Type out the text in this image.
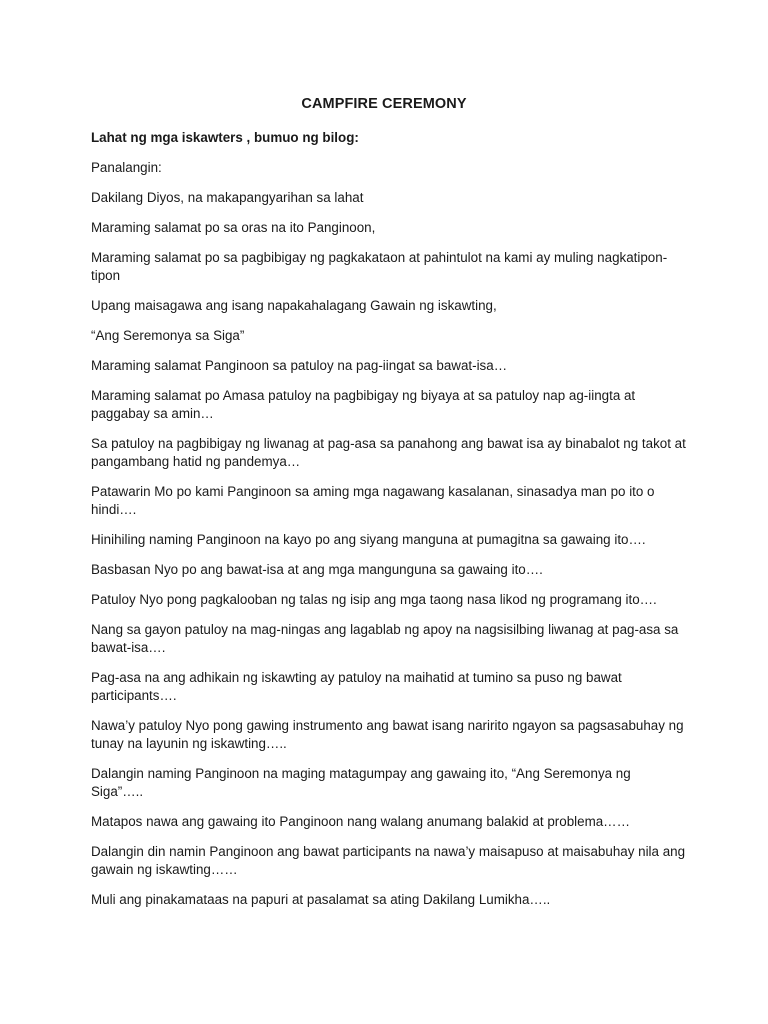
CAMPFIRE CEREMONY

Lahat ng mga iskawters , bumuo ng bilog:

Panalangin:

Dakilang Diyos, na makapangyarihan sa lahat

Maraming salamat po sa oras na ito Panginoon,

Maraming salamat po sa pagbibigay ng pagkakataon at pahintulot na kami ay muling nagkatipon-tipon

Upang maisagawa ang isang napakahalagang Gawain ng iskawting,

“Ang Seremonya sa Siga”

Maraming salamat Panginoon sa patuloy na pag-iingat sa bawat-isa…

Maraming salamat po Amasa patuloy na pagbibigay ng biyaya at sa patuloy nap ag-iingta at paggabay sa amin…

Sa patuloy na pagbibigay ng liwanag at pag-asa sa panahong ang bawat isa ay binabalot ng takot at pangambang hatid ng pandemya…

Patawarin Mo po kami Panginoon sa aming mga nagawang kasalanan, sinasadya man po ito o hindi….

Hinihiling naming Panginoon na kayo po ang siyang manguna at pumagitna sa gawaing ito….

Basbasan Nyo po ang bawat-isa at ang mga mangunguna sa gawaing ito….

Patuloy Nyo pong pagkalooban ng talas ng isip ang mga taong nasa likod ng programang ito….

Nang sa gayon patuloy na mag-ningas ang lagablab ng apoy na nagsisilbing liwanag at pag-asa sa bawat-isa….

Pag-asa na ang adhikain ng iskawting ay patuloy na maihatid at tumino sa puso ng bawat participants….

Nawa’y patuloy Nyo pong gawing instrumento ang bawat isang naririto ngayon sa pagsasabuhay ng tunay na layunin ng iskawting…..

Dalangin naming Panginoon na maging matagumpay ang gawaing ito, “Ang Seremonya ng Siga”…..

Matapos nawa ang gawaing ito Panginoon nang walang anumang balakid at problema……

Dalangin din namin Panginoon ang bawat participants na nawa’y maisapuso at maisabuhay nila ang gawain ng iskawting……

Muli ang pinakamataas na papuri at pasalamat sa ating Dakilang Lumikha…..
